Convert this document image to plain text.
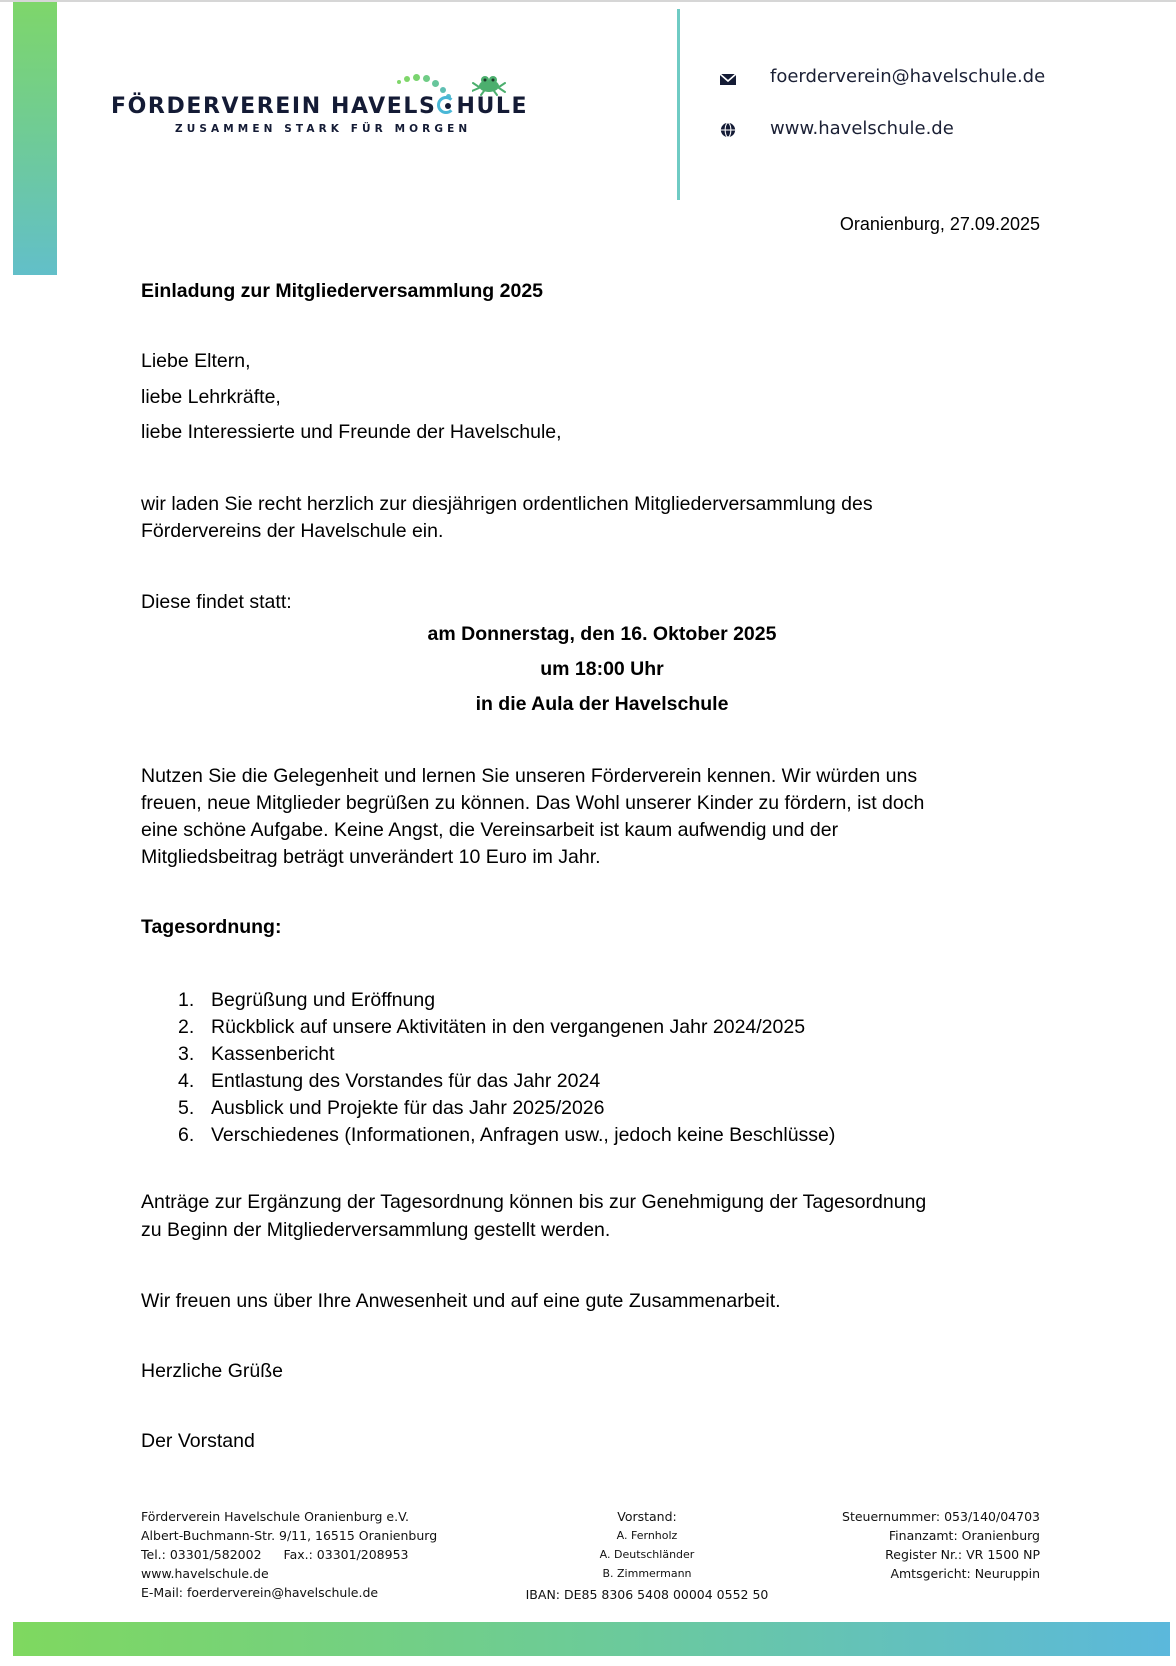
FÖRDERVEREIN HAVELS HULE
ZUSAMMEN STARK FÜR MORGEN
foerderverein@havelschule.de
www.havelschule.de
Oranienburg, 27.09.2025
Einladung zur Mitgliederversammlung 2025
Liebe Eltern,
liebe Lehrkräfte,
liebe Interessierte und Freunde der Havelschule,
wir laden Sie recht herzlich zur diesjährigen ordentlichen Mitgliederversammlung des
Fördervereins der Havelschule ein.
Diese findet statt:
am Donnerstag, den 16. Oktober 2025
um 18:00 Uhr
in die Aula der Havelschule
Nutzen Sie die Gelegenheit und lernen Sie unseren Förderverein kennen. Wir würden uns
freuen, neue Mitglieder begrüßen zu können. Das Wohl unserer Kinder zu fördern, ist doch
eine schöne Aufgabe. Keine Angst, die Vereinsarbeit ist kaum aufwendig und der
Mitgliedsbeitrag beträgt unverändert 10 Euro im Jahr.
Tagesordnung:
1. Begrüßung und Eröffnung
2. Rückblick auf unsere Aktivitäten in den vergangenen Jahr 2024/2025
3. Kassenbericht
4. Entlastung des Vorstandes für das Jahr 2024
5. Ausblick und Projekte für das Jahr 2025/2026
6. Verschiedenes (Informationen, Anfragen usw., jedoch keine Beschlüsse)
Anträge zur Ergänzung der Tagesordnung können bis zur Genehmigung der Tagesordnung
zu Beginn der Mitgliederversammlung gestellt werden.
Wir freuen uns über Ihre Anwesenheit und auf eine gute Zusammenarbeit.
Herzliche Grüße
Der Vorstand
Förderverein Havelschule Oranienburg e.V.
Albert-Buchmann-Str. 9/11, 16515 Oranienburg
Tel.: 03301/582002 Fax.: 03301/208953
www.havelschule.de
E-Mail: foerderverein@havelschule.de
Vorstand:
A. Fernholz
A. Deutschländer
B. Zimmermann
IBAN: DE85 8306 5408 00004 0552 50
Steuernummer: 053/140/04703
Finanzamt: Oranienburg
Register Nr.: VR 1500 NP
Amtsgericht: Neuruppin
